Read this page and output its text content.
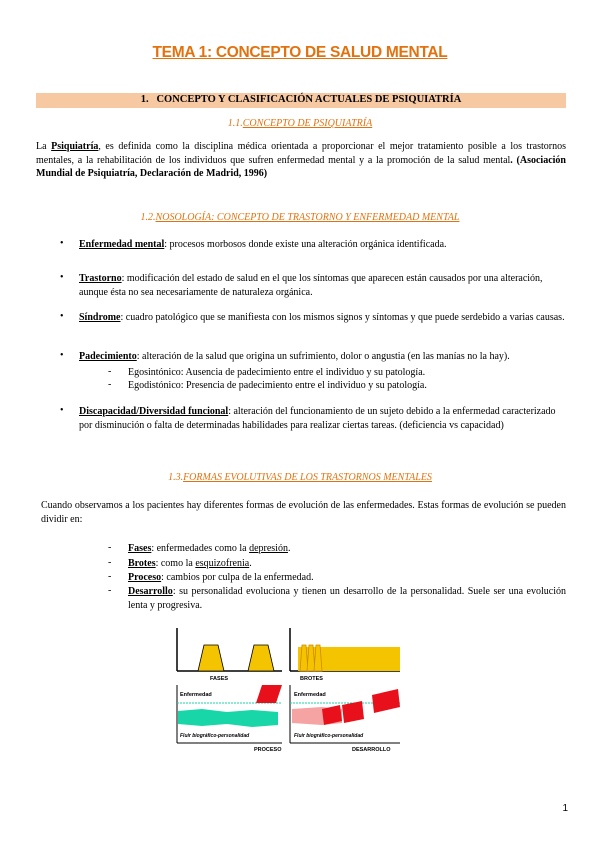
TEMA 1: CONCEPTO DE SALUD MENTAL
1. CONCEPTO Y CLASIFICACIÓN ACTUALES DE PSIQUIATRÍA
1.1.CONCEPTO DE PSIQUIATRÍA
La Psiquiatría, es definida como la disciplina médica orientada a proporcionar el mejor tratamiento posible a los trastornos mentales, a la rehabilitación de los individuos que sufren enfermedad mental y a la promoción de la salud mental. (Asociación Mundial de Psiquiatría, Declaración de Madrid, 1996)
1.2.NOSOLOGÍA: CONCEPTO DE TRASTORNO Y ENFERMEDAD MENTAL
• Enfermedad mental: procesos morbosos donde existe una alteración orgánica identificada.
• Trastorno: modificación del estado de salud en el que los síntomas que aparecen están causados por una alteración, aunque ésta no sea necesariamente de naturaleza orgánica.
• Síndrome: cuadro patológico que se manifiesta con los mismos signos y síntomas y que puede serdebido a varias causas.
• Padecimiento: alteración de la salud que origina un sufrimiento, dolor o angustia (en las manías no la hay).
• Discapacidad/Diversidad funcional: alteración del funcionamiento de un sujeto debido a la enfermedad caracterizado por disminución o falta de determinadas habilidades para realizar ciertas tareas. (deficiencia vs capacidad)
- Egosintónico: Ausencia de padecimiento entre el individuo y su patología.
- Egodistónico: Presencia de padecimiento entre el individuo y su patología.
1.3.FORMAS EVOLUTIVAS DE LOS TRASTORNOS MENTALES
Cuando observamos a los pacientes hay diferentes formas de evolución de las enfermedades. Estas formas de evolución se pueden dividir en:
- Fases: enfermedades como la depresión.
- Brotes: como la esquizofrenia.
- Proceso: cambios por culpa de la enfermedad.
- Desarrollo: su personalidad evoluciona y tienen un desarrollo de la personalidad. Suele ser una evolución lenta y progresiva.
FASES	BROTES
Enfermedad
Fluir biográfico-personalidad
PROCESO
Enfermedad
Fluir biográfico-personalidad
DESARROLLO
1
